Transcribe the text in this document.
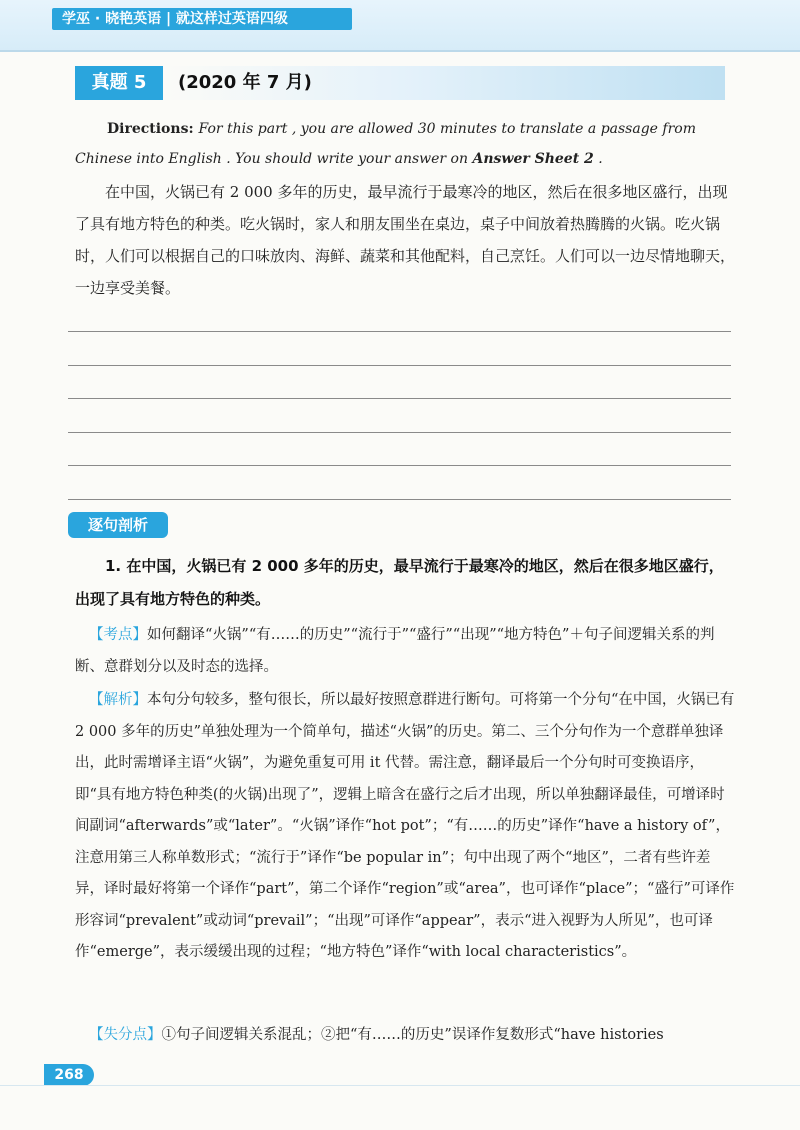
学巫 · 晓艳英语 | 就这样过英语四级
真题 5	(2020 年 7 月)
Directions: For this part , you are allowed 30 minutes to translate a passage from Chinese into English . You should write your answer on Answer Sheet 2 .
在中国，火锅已有 2 000 多年的历史，最早流行于最寒冷的地区，然后在很多地区盛行，出现了具有地方特色的种类。吃火锅时，家人和朋友围坐在桌边，桌子中间放着热腾腾的火锅。吃火锅时，人们可以根据自己的口味放肉、海鲜、蔬菜和其他配料，自己烹饪。人们可以一边尽情地聊天，一边享受美餐。
逐句剖析
1. 在中国，火锅已有 2 000 多年的历史，最早流行于最寒冷的地区，然后在很多地区盛行，出现了具有地方特色的种类。
【考点】如何翻译“火锅”“有……的历史”“流行于”“盛行”“出现”“地方特色”＋句子间逻辑关系的判断、意群划分以及时态的选择。
【解析】本句分句较多，整句很长，所以最好按照意群进行断句。可将第一个分句“在中国，火锅已有 2 000 多年的历史”单独处理为一个简单句，描述“火锅”的历史。第二、三个分句作为一个意群单独译出，此时需增译主语“火锅”，为避免重复可用 it 代替。需注意，翻译最后一个分句时可变换语序，即“具有地方特色种类(的火锅)出现了”，逻辑上暗含在盛行之后才出现，所以单独翻译最佳，可增译时间副词“afterwards”或“later”。“火锅”译作“hot pot”；“有……的历史”译作“have a history of”，注意用第三人称单数形式；“流行于”译作“be popular in”；句中出现了两个“地区”，二者有些许差异，译时最好将第一个译作“part”，第二个译作“region”或“area”，也可译作“place”；“盛行”可译作形容词“prevalent”或动词“prevail”；“出现”可译作“appear”，表示“进入视野为人所见”，也可译作“emerge”，表示缓缓出现的过程；“地方特色”译作“with local characteristics”。
【失分点】①句子间逻辑关系混乱；②把“有……的历史”误译作复数形式“have histories
268
